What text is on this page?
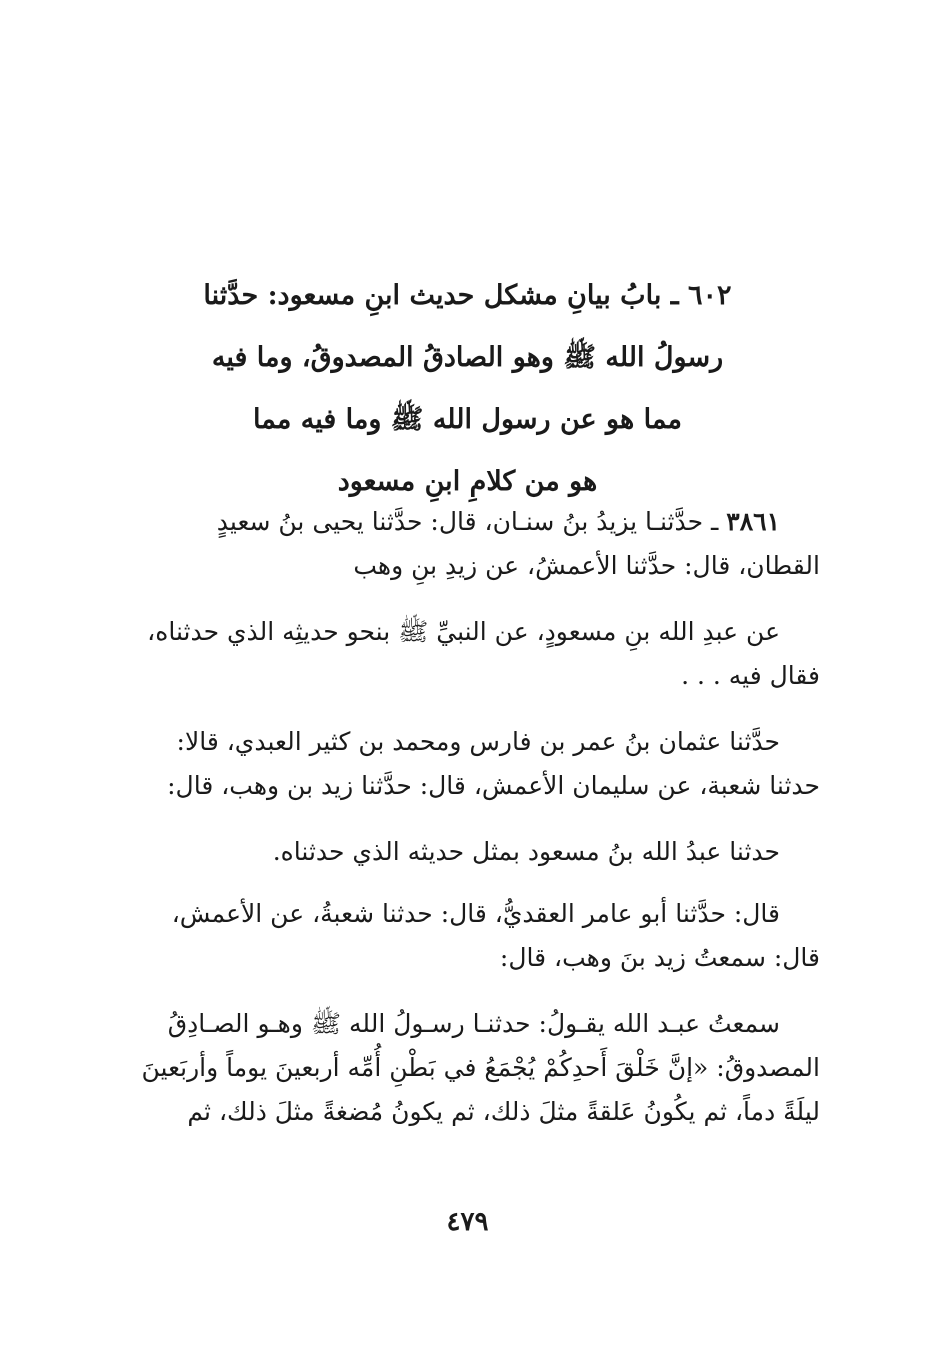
٦٠٢ ـ بابُ بيانِ مشكل حديث ابنِ مسعود: حدَّثنا
رسولُ الله ﷺ وهو الصادقُ المصدوقُ، وما فيه
مما هو عن رسول الله ﷺ وما فيه مما
هو من كلامِ ابنِ مسعود
٣٨٦١ ـ حدَّثنـا يزيدُ بنُ سنـان، قال: حدَّثنا يحيى بنُ سعيدٍ
القطان، قال: حدَّثنا الأعمشُ، عن زيدِ بنِ وهب
عن عبدِ الله بنِ مسعودٍ، عن النبيِّ ﷺ بنحو حديثِه الذي حدثناه،
فقال فيه . . .
حدَّثنا عثمان بنُ عمر بن فارس ومحمد بن كثير العبدي، قالا:
حدثنا شعبة، عن سليمان الأعمش، قال: حدَّثنا زيد بن وهب، قال:
حدثنا عبدُ الله بنُ مسعود بمثل حديثه الذي حدثناه.
قال: حدَّثنا أبو عامر العقديُّ، قال: حدثنا شعبةُ، عن الأعمش،
قال: سمعتُ زيد بنَ وهب، قال:
سمعتُ عبـد الله يقـولُ: حدثنـا رسـولُ الله ﷺ وهـو الصـادِقُ
المصدوقُ: «إنَّ خَلْقَ أَحدِكُمْ يُجْمَعُ في بَطْنِ أُمِّه أربعينَ يوماً وأربَعينَ
ليلَةً دماً، ثم يكُونُ عَلقةً مثلَ ذلك، ثم يكونُ مُضغةً مثلَ ذلك، ثم
٤٧٩
